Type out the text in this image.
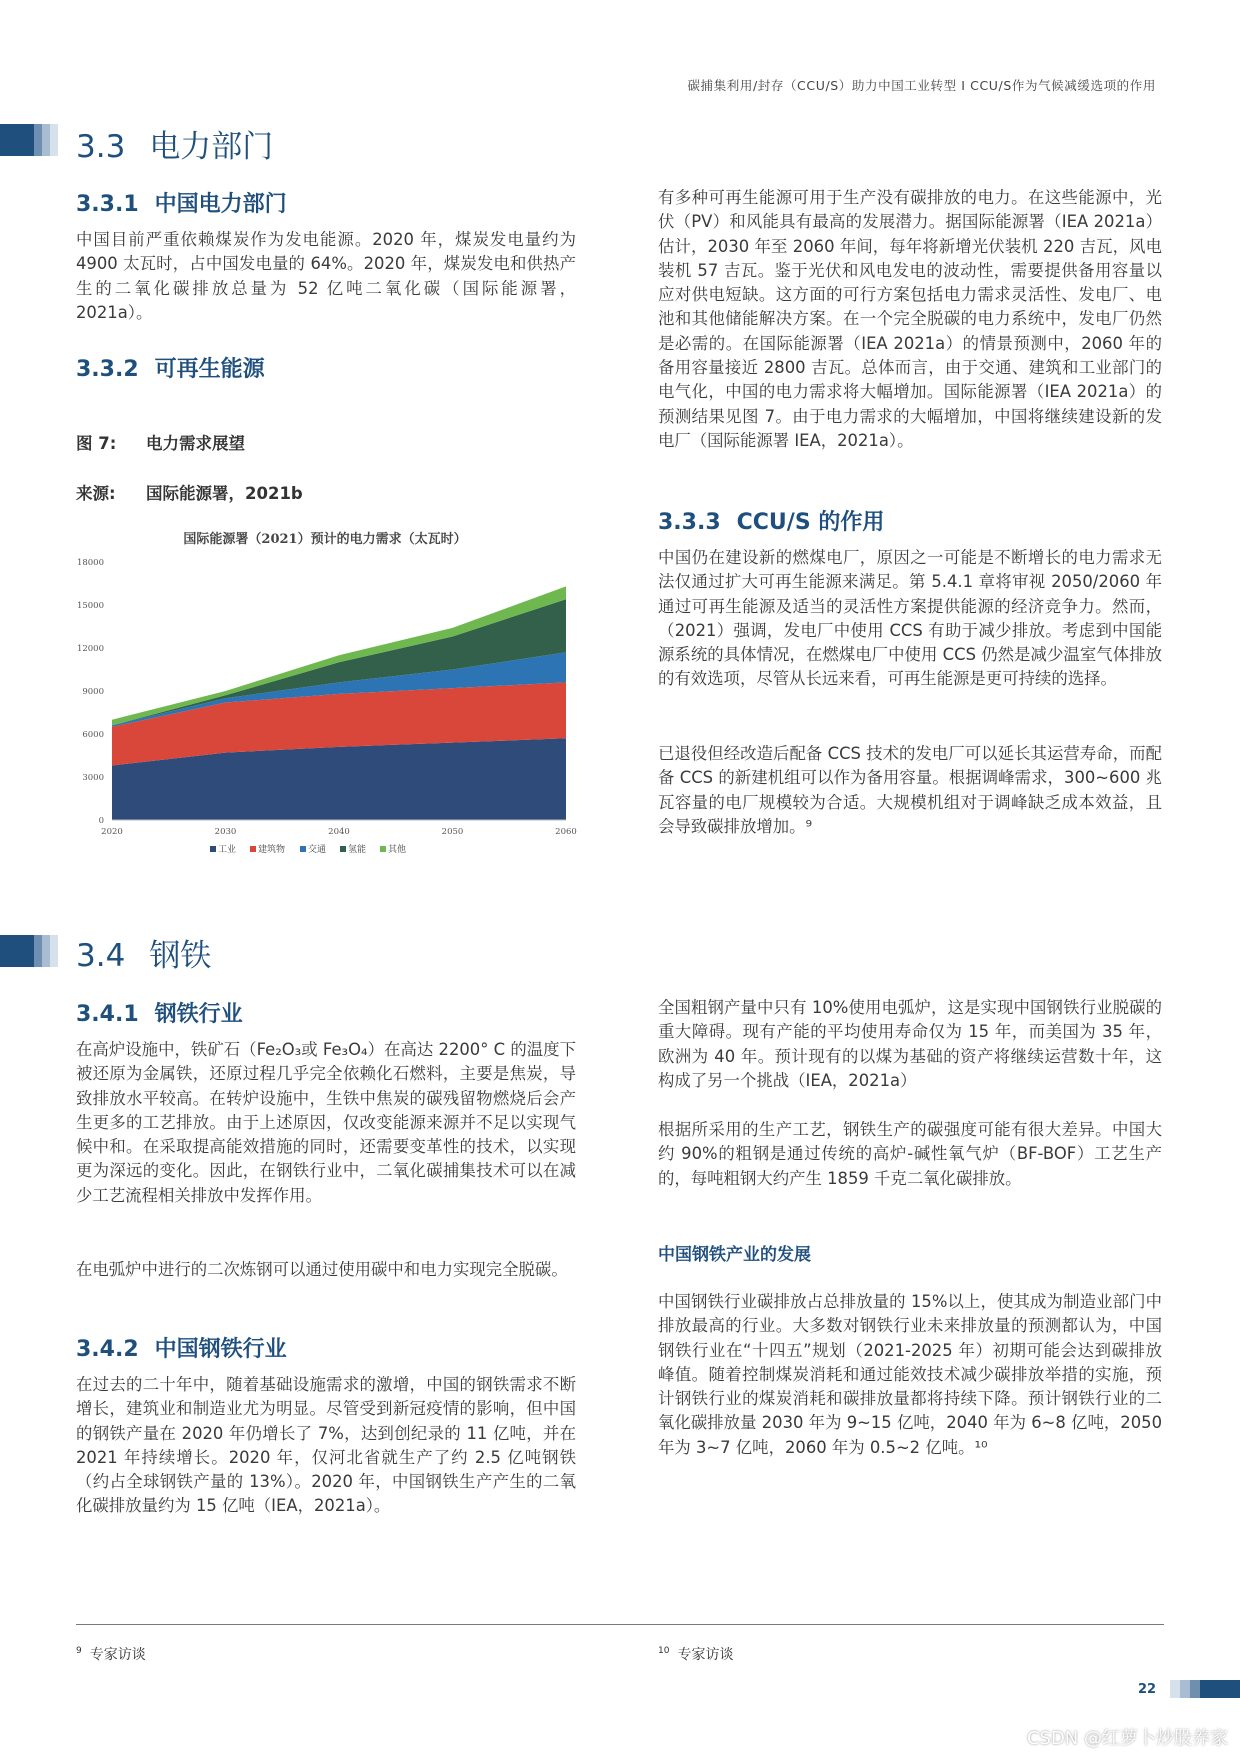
碳捕集利用/封存（CCU/S）助力中国工业转型 I CCU/S作为气候减缓选项的作用
3.3 电力部门
3.3.1 中国电力部门
中国目前严重依赖煤炭作为发电能源。2020 年，煤炭发电量约为 4900 太瓦时，占中国发电量的 64%。2020 年，煤炭发电和供热产生的二氧化碳排放总量为 52 亿吨二氧化碳（国际能源署，2021a）。
3.3.2 可再生能源
图 7: 电力需求展望
来源: 国际能源署，2021b
国际能源署（2021）预计的电力需求（太瓦时）
0
3000
6000
9000
12000
15000
18000
2020	2030	2040	2050	2060
工业 建筑物	交通 氢能 其他
有多种可再生能源可用于生产没有碳排放的电力。在这些能源中，光伏（PV）和风能具有最高的发展潜力。据国际能源署（IEA 2021a）估计，2030 年至 2060 年间，每年将新增光伏装机 220 吉瓦，风电装机 57 吉瓦。鉴于光伏和风电发电的波动性，需要提供备用容量以应对供电短缺。这方面的可行方案包括电力需求灵活性、发电厂、电池和其他储能解决方案。在一个完全脱碳的电力系统中，发电厂仍然是必需的。在国际能源署（IEA 2021a）的情景预测中，2060 年的备用容量接近 2800 吉瓦。总体而言，由于交通、建筑和工业部门的电气化，中国的电力需求将大幅增加。国际能源署（IEA 2021a）的预测结果见图 7。由于电力需求的大幅增加，中国将继续建设新的发电厂（国际能源署 IEA，2021a）。
3.3.3 CCU/S 的作用
中国仍在建设新的燃煤电厂，原因之一可能是不断增长的电力需求无法仅通过扩大可再生能源来满足。第 5.4.1 章将审视 2050/2060 年通过可再生能源及适当的灵活性方案提供能源的经济竞争力。然而，（2021）强调，发电厂中使用 CCS 有助于减少排放。考虑到中国能源系统的具体情况，在燃煤电厂中使用 CCS 仍然是减少温室气体排放的有效选项，尽管从长远来看，可再生能源是更可持续的选择。
已退役但经改造后配备 CCS 技术的发电厂可以延长其运营寿命，而配备 CCS 的新建机组可以作为备用容量。根据调峰需求，300~600 兆瓦容量的电厂规模较为合适。大规模机组对于调峰缺乏成本效益，且会导致碳排放增加。⁹
3.4 钢铁
3.4.1 钢铁行业
在高炉设施中，铁矿石（Fe₂O₃或 Fe₃O₄）在高达 2200° C 的温度下被还原为金属铁，还原过程几乎完全依赖化石燃料，主要是焦炭，导致排放水平较高。在转炉设施中，生铁中焦炭的碳残留物燃烧后会产生更多的工艺排放。由于上述原因，仅改变能源来源并不足以实现气候中和。在采取提高能效措施的同时，还需要变革性的技术，以实现更为深远的变化。因此，在钢铁行业中，二氧化碳捕集技术可以在减少工艺流程相关排放中发挥作用。
在电弧炉中进行的二次炼钢可以通过使用碳中和电力实现完全脱碳。
3.4.2 中国钢铁行业
在过去的二十年中，随着基础设施需求的激增，中国的钢铁需求不断增长，建筑业和制造业尤为明显。尽管受到新冠疫情的影响，但中国的钢铁产量在 2020 年仍增长了 7%，达到创纪录的 11 亿吨，并在 2021 年持续增长。2020 年，仅河北省就生产了约 2.5 亿吨钢铁（约占全球钢铁产量的 13%）。2020 年，中国钢铁生产产生的二氧化碳排放量约为 15 亿吨（IEA，2021a）。
全国粗钢产量中只有 10%使用电弧炉，这是实现中国钢铁行业脱碳的重大障碍。现有产能的平均使用寿命仅为 15 年，而美国为 35 年，欧洲为 40 年。预计现有的以煤为基础的资产将继续运营数十年，这构成了另一个挑战（IEA，2021a）
根据所采用的生产工艺，钢铁生产的碳强度可能有很大差异。中国大约 90%的粗钢是通过传统的高炉-碱性氧气炉（BF-BOF）工艺生产的，每吨粗钢大约产生 1859 千克二氧化碳排放。
中国钢铁产业的发展
中国钢铁行业碳排放占总排放量的 15%以上，使其成为制造业部门中排放最高的行业。大多数对钢铁行业未来排放量的预测都认为，中国钢铁行业在“十四五”规划（2021-2025 年）初期可能会达到碳排放峰值。随着控制煤炭消耗和通过能效技术减少碳排放举措的实施，预计钢铁行业的煤炭消耗和碳排放量都将持续下降。预计钢铁行业的二氧化碳排放量 2030 年为 9~15 亿吨，2040 年为 6~8 亿吨，2050 年为 3~7 亿吨，2060 年为 0.5~2 亿吨。¹⁰
$^9$ 专家访谈	$^{10}$ 专家访谈
22
CSDN @红萝卜炒股养家
